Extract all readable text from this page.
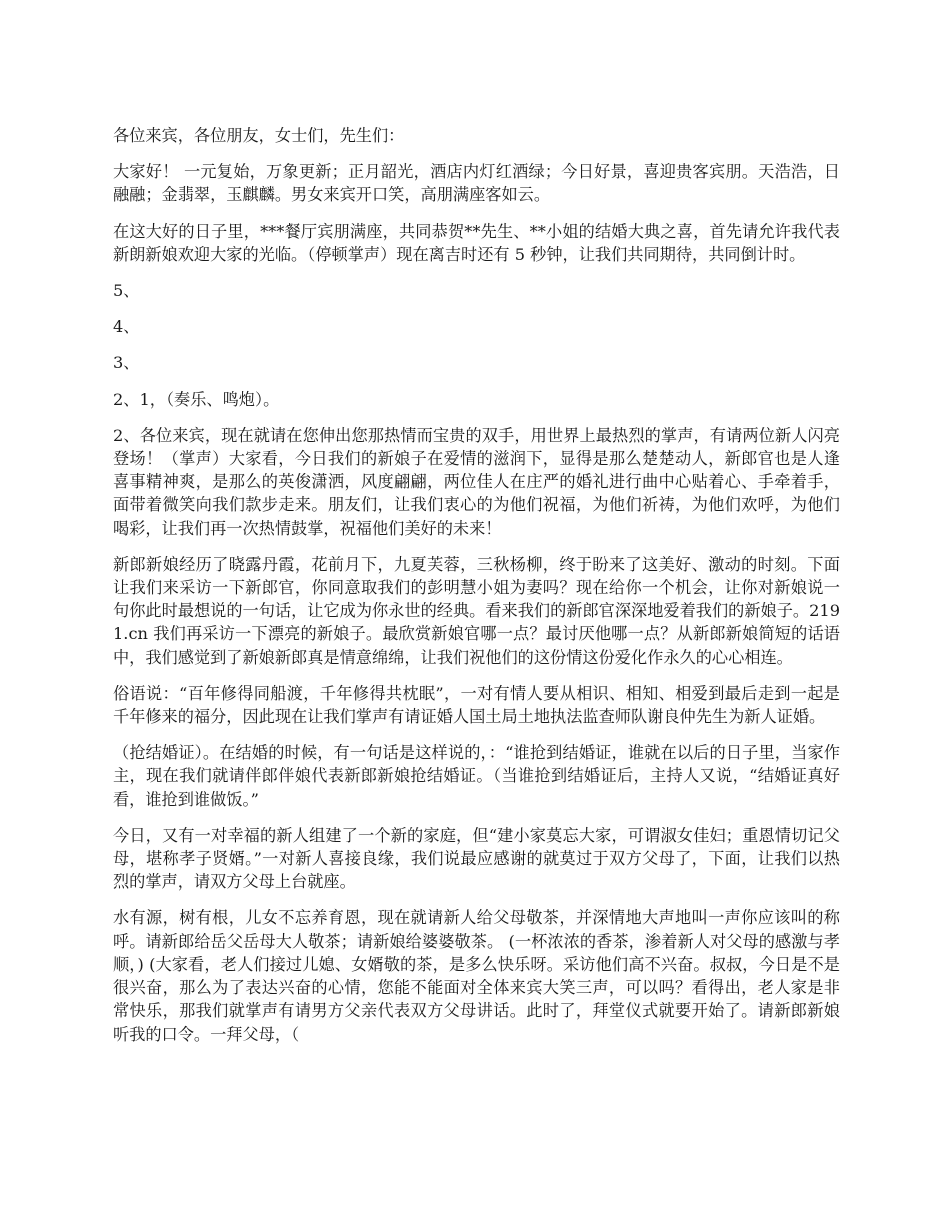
各位来宾，各位朋友，女士们，先生们：

大家好！ 一元复始，万象更新；正月韶光，酒店内灯红酒绿；今日好景，喜迎贵客宾朋。天浩浩，日融融；金翡翠，玉麒麟。男女来宾开口笑，高朋满座客如云。

在这大好的日子里，***餐厅宾朋满座，共同恭贺**先生、**小姐的结婚大典之喜，首先请允许我代表新朗新娘欢迎大家的光临。（停顿掌声）现在离吉时还有 5 秒钟，让我们共同期待，共同倒计时。

5、

4、

3、

2、1，（奏乐、鸣炮）。

2、各位来宾，现在就请在您伸出您那热情而宝贵的双手，用世界上最热烈的掌声，有请两位新人闪亮登场！（掌声）大家看，今日我们的新娘子在爱情的滋润下，显得是那么楚楚动人，新郎官也是人逢喜事精神爽，是那么的英俊潇洒，风度翩翩，两位佳人在庄严的婚礼进行曲中心贴着心、手牵着手，面带着微笑向我们款步走来。朋友们，让我们衷心的为他们祝福，为他们祈祷，为他们欢呼，为他们喝彩，让我们再一次热情鼓掌，祝福他们美好的未来！

新郎新娘经历了晓露丹霞，花前月下，九夏芙蓉，三秋杨柳，终于盼来了这美好、激动的时刻。下面让我们来采访一下新郎官，你同意取我们的彭明慧小姐为妻吗？现在给你一个机会，让你对新娘说一句你此时最想说的一句话，让它成为你永世的经典。看来我们的新郎官深深地爱着我们的新娘子。2191.cn 我们再采访一下漂亮的新娘子。最欣赏新娘官哪一点？最讨厌他哪一点？从新郎新娘简短的话语中，我们感觉到了新娘新郎真是情意绵绵，让我们祝他们的这份情这份爱化作永久的心心相连。

俗语说：“百年修得同船渡，千年修得共枕眠”，一对有情人要从相识、相知、相爱到最后走到一起是千年修来的福分，因此现在让我们掌声有请证婚人国土局土地执法监查师队谢良仲先生为新人证婚。

（抢结婚证）。在结婚的时候，有一句话是这样说的，：“谁抢到结婚证，谁就在以后的日子里，当家作主，现在我们就请伴郎伴娘代表新郎新娘抢结婚证。（当谁抢到结婚证后，主持人又说，“结婚证真好看，谁抢到谁做饭。”

今日，又有一对幸福的新人组建了一个新的家庭，但“建小家莫忘大家，可谓淑女佳妇；重恩情切记父母，堪称孝子贤婿。”一对新人喜接良缘，我们说最应感谢的就莫过于双方父母了，下面，让我们以热烈的掌声，请双方父母上台就座。

水有源，树有根，儿女不忘养育恩，现在就请新人给父母敬茶，并深情地大声地叫一声你应该叫的称呼。请新郎给岳父岳母大人敬茶；请新娘给婆婆敬茶。 (一杯浓浓的香茶，渗着新人对父母的感激与孝顺，) (大家看，老人们接过儿媳、女婿敬的茶，是多么快乐呀。采访他们高不兴奋。叔叔，今日是不是很兴奋，那么为了表达兴奋的心情，您能不能面对全体来宾大笑三声，可以吗？看得出，老人家是非常快乐，那我们就掌声有请男方父亲代表双方父母讲话。此时了，拜堂仪式就要开始了。请新郎新娘听我的口令。一拜父母，（
